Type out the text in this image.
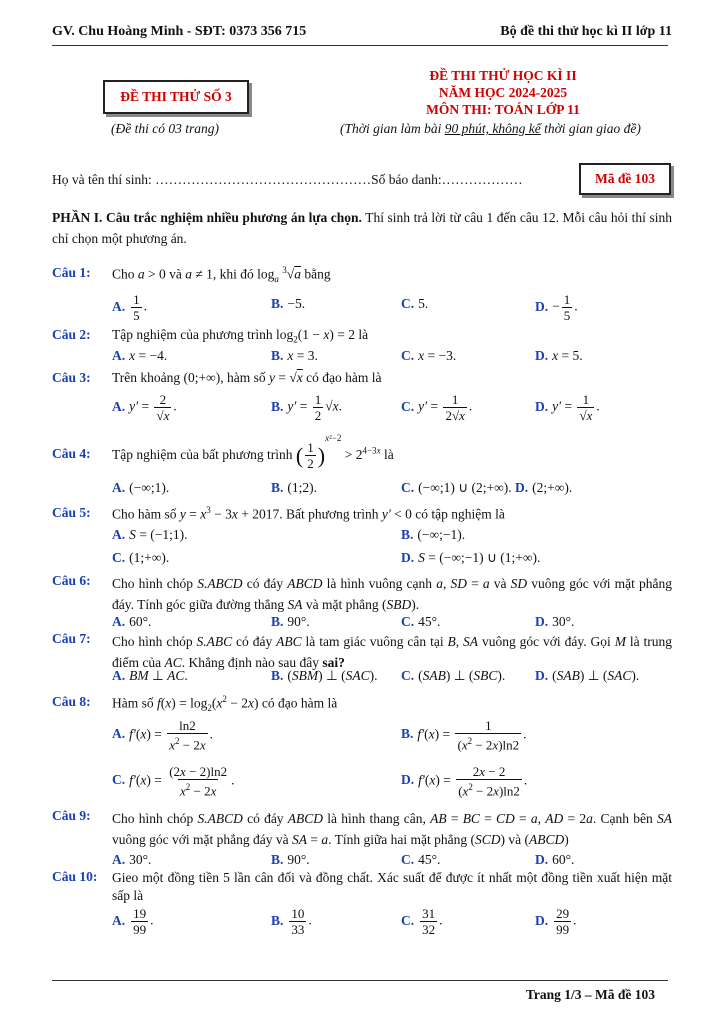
GV. Chu Hoàng Minh - SĐT: 0373 356 715	Bộ đề thi thử học kì II lớp 11
ĐỀ THI THỬ SỐ 3
(Đề thi có 03 trang)
ĐỀ THI THỬ HỌC KÌ II
NĂM HỌC 2024-2025
MÔN THI: TOÁN LỚP 11
(Thời gian làm bài 90 phút, không kể thời gian giao đề)
Họ và tên thí sinh: …………………………………………Số báo danh:………………	Mã đề 103
PHẦN I. Câu trắc nghiệm nhiều phương án lựa chọn. Thí sinh trả lời từ câu 1 đến câu 12. Mỗi câu hỏi thí sinh chỉ chọn một phương án.
Câu 1:	Cho a > 0 và a ≠ 1, khi đó $\log_a ^3√a$ bằng
A. $\frac{1}{5}$ .	B. −5.	C. 5.	D. − $\frac{1}{5}$ .
Câu 2:	Tập nghiệm của phương trình $\log_2(1 - x) = 2$ là
A. x = −4.	B. x = 3.	C. x = −3.	D. x = 5.
Câu 3:	Trên khoảng (0;+∞), hàm số y = √x có đạo hàm là
A. $y' = \frac{2}{√x}$ .	B. $y' = \frac{1}{2} √x$.	C. $y' = \frac{1}{2√x}$ .	D. $y' = \frac{1}{√x}$ .
Câu 4:	Tập nghiệm của bất phương trình ( $\frac{1}{2} )^{x^2-2} > 2^{4-3x}$ là
A. (−∞;1).	B. (1;2).	C. (−∞;1) ∪ (2;+∞). D. (2;+∞).
Câu 5:	Cho hàm số $y = x^3 - 3x + 2017$. Bất phương trình y′ < 0 có tập nghiệm là
A. S = (−1;1).	B. (−∞;−1).
C. (1;+∞).	D. S = (−∞;−1) ∪ (1;+∞).
Câu 6:	Cho hình chóp S.ABCD có đáy ABCD là hình vuông cạnh a, SD = a và SD vuông góc với mặt phẳng đáy. Tính góc giữa đường thẳng SA và mặt phẳng (SBD).
A. 60°.	B. 90°.	C. 45°.	D. 30°.
Câu 7:	Cho hình chóp S.ABC có đáy ABC là tam giác vuông cân tại B, SA vuông góc với đáy. Gọi M là trung điểm của AC. Khẳng định nào sau đây sai?
A. BM ⊥ AC.	B. (SBM) ⊥ (SAC). C. (SAB) ⊥ (SBC). D. (SAB) ⊥ (SAC).
Câu 8:	Hàm số $f(x) = \log_2(x^2 - 2x)$ có đạo hàm là
A. $f'(x) = \frac{\ln 2}{x^2 - 2x}$ .	B. $f'(x) = \frac{1}{(x^2 - 2x)\ln 2}$ .
C. $f'(x) = \frac{(2x - 2)\ln 2}{x^2 - 2x}$ .	D. $f'(x) = \frac{2x - 2}{(x^2 - 2x)\ln 2}$ .
Câu 9:	Cho hình chóp S.ABCD có đáy ABCD là hình thang cân, AB = BC = CD = a, AD = 2a. Cạnh bên SA vuông góc với mặt phẳng đáy và SA = a. Tính giữa hai mặt phẳng (SCD) và (ABCD)
A. 30°.	B. 90°.	C. 45°.	D. 60°.
Câu 10:	Gieo một đồng tiền 5 lần cân đối và đồng chất. Xác suất để được ít nhất một đồng tiền xuất hiện mặt sấp là
A. $\frac{19}{99}$ .	B. $\frac{10}{33}$ .	C. $\frac{31}{32}$ .	D. $\frac{29}{99}$ .
Trang 1/3 – Mã đề 103
